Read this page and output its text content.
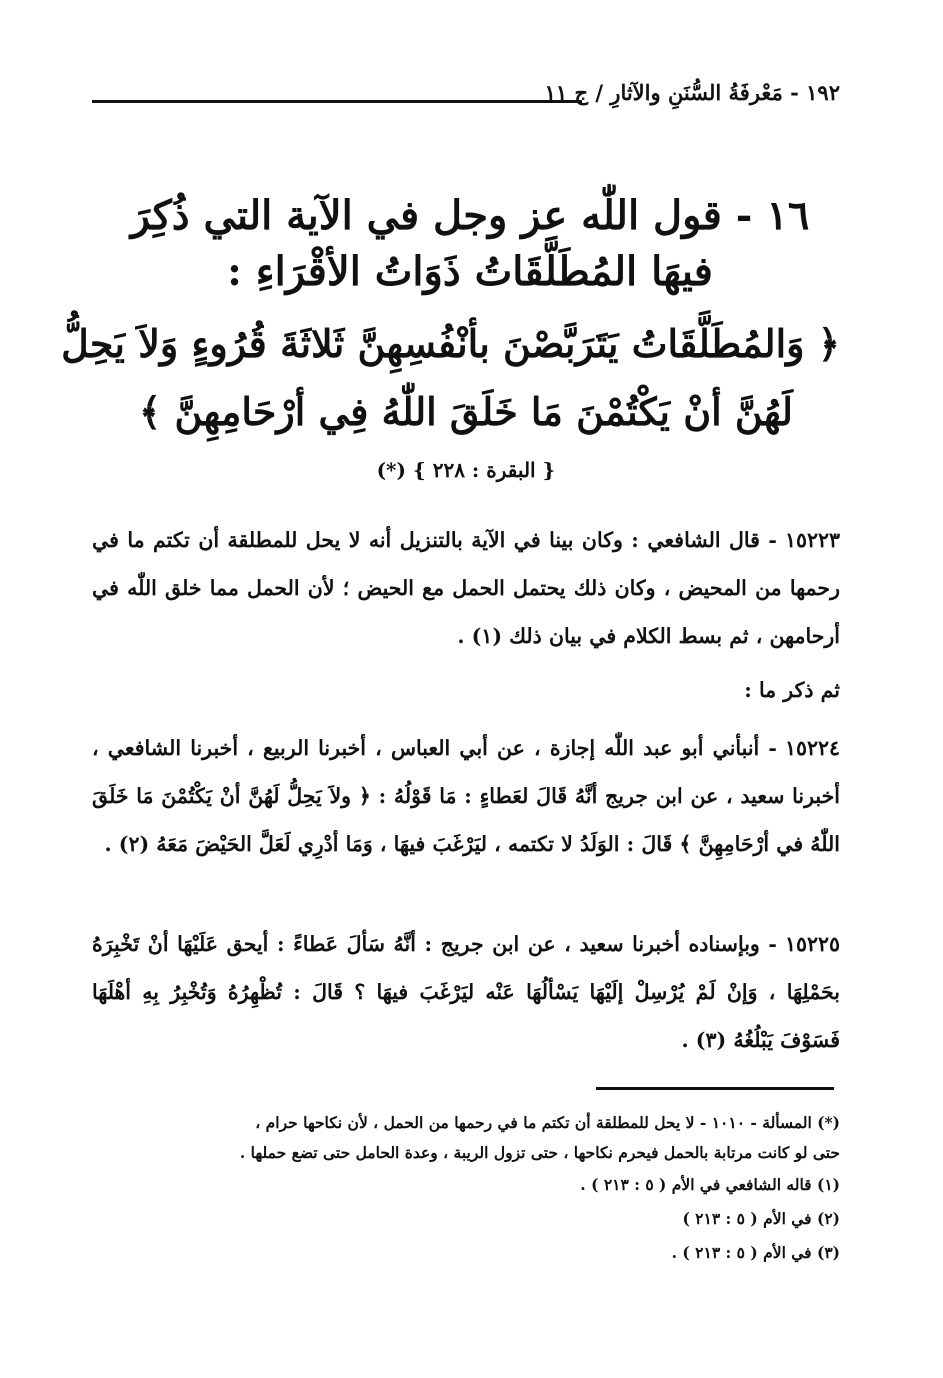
١٩٢ - مَعْرفَةُ السُّنَنِ والآثارِ / ج ١١
١٦ - قول اللّٰه عز وجل في الآية التي ذُكِرَ
فيهَا المُطَلَّقَاتُ ذَوَاتُ الأقْرَاءِ :
﴿ وَالمُطَلَّقَاتُ يَتَرَبَّصْنَ بأنْفُسِهِنَّ ثَلاثَةَ قُرُوءٍ وَلاَ يَحِلُّ
لَهُنَّ أنْ يَكْتُمْنَ مَا خَلَقَ اللّٰهُ فِي أرْحَامِهِنَّ ﴾
{ البقرة : ٢٢٨ } (*)
١٥٢٢٣- قال الشافعي : وكان بينا في الآية بالتنزيل أنه لا يحل للمطلقة أن تكتم ما في رحمها من المحيض ، وكان ذلك يحتمل الحمل مع الحيض ؛ لأن الحمل مما خلق اللّٰه في أرحامهن ، ثم بسط الكلام في بيان ذلك (١) .
ثم ذكر ما :
١٥٢٢٤- أنبأني أبو عبد اللّٰه إجازة ، عن أبي العباس ، أخبرنا الربيع ، أخبرنا الشافعي ، أخبرنا سعيد ، عن ابن جريج أنَّهُ قَالَ لعَطاءٍ : مَا قَوْلُهُ : ﴿ ولاَ يَحِلُّ لَهُنَّ أنْ يَكْتُمْنَ مَا خَلَقَ اللّٰهُ في أرْحَامِهِنَّ ﴾ قَالَ : الوَلَدُ لا تكتمه ، ليَرْغَبَ فيهَا ، وَمَا أدْرِي لَعَلَّ الحَيْضَ مَعَهُ (٢) .
١٥٢٢٥- وبإسناده أخبرنا سعيد ، عن ابن جريج : أنَّهُ سَألَ عَطاءً : أيحق عَلَيْهَا أنْ تَخْبِرَهُ بحَمْلِهَا ، وَإنْ لَمْ يُرْسِلْ إلَيْهَا يَسْألُهَا عَنْه ليَرْغَبَ فيهَا ؟ قَالَ : تُظْهِرُهُ وَتُخْبِرُ بِهِ أهْلَهَا فَسَوْفَ يَبْلُغُهُ (٣) .
(*) المسألة - ١٠١٠ - لا يحل للمطلقة أن تكتم ما في رحمها من الحمل ، لأن نكاحها حرام ،
حتى لو كانت مرتابة بالحمل فيحرم نكاحها ، حتى تزول الريبة ، وعدة الحامل حتى تضع حملها .
(١) قاله الشافعي في الأم ( ٥ : ٢١٣ ) .
(٢) في الأم ( ٥ : ٢١٣ )
(٣) في الأم ( ٥ : ٢١٣ ) .
